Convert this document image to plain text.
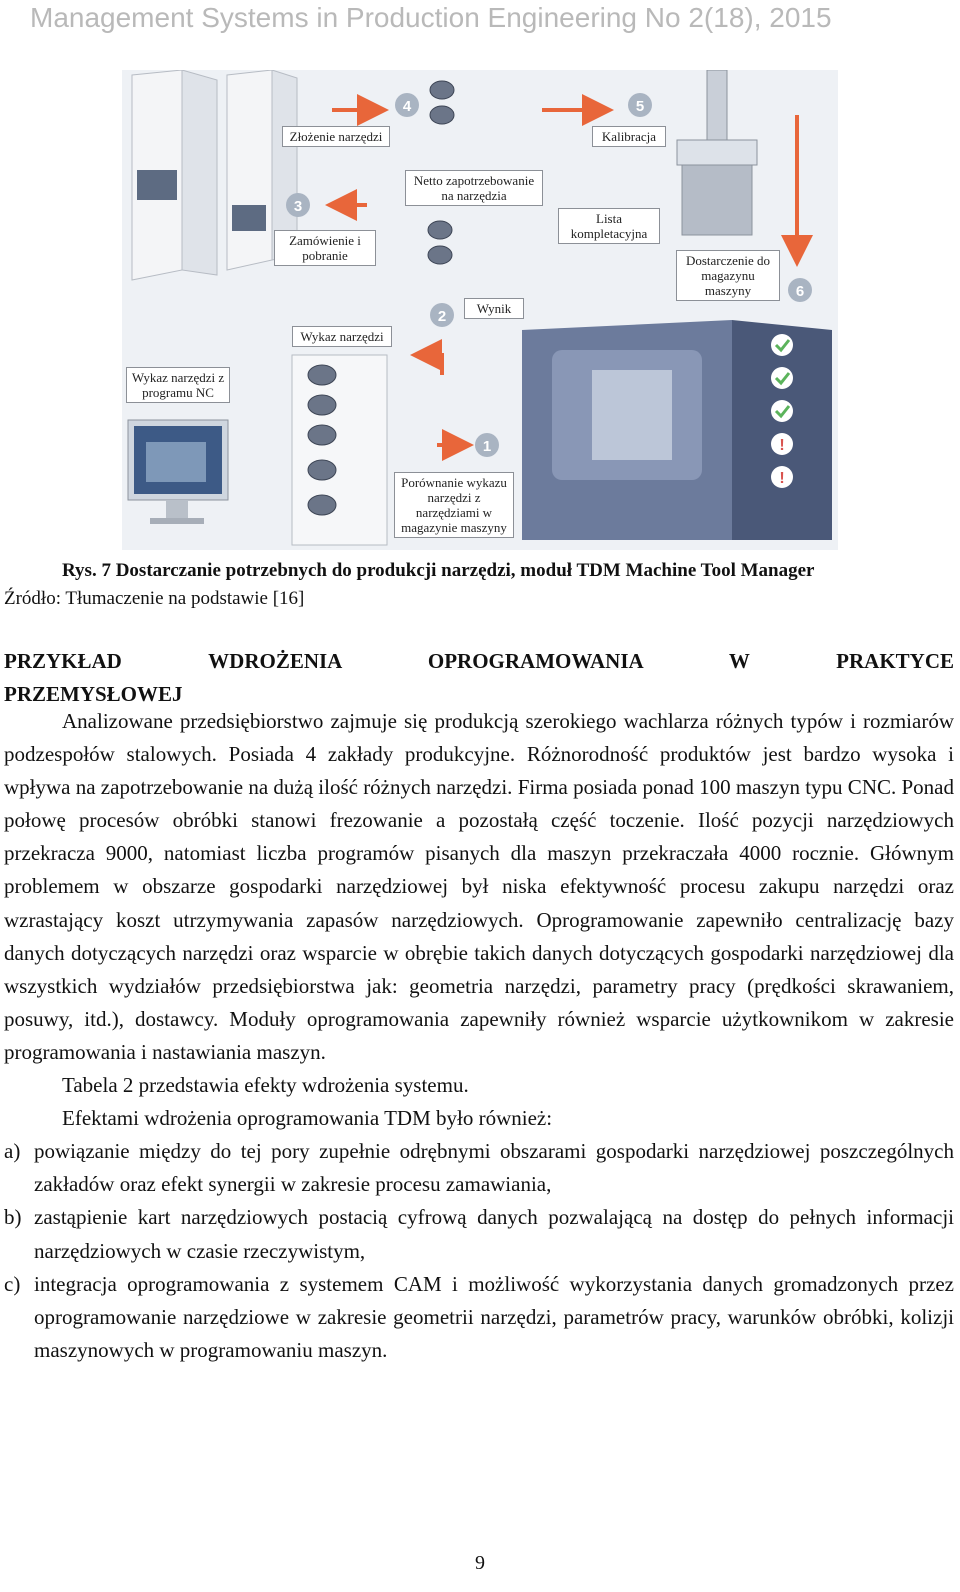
Management Systems in Production Engineering No 2(18), 2015
!
!
1
2
3
4	5
6
Złożenie narzędzi
Netto zapotrzebowanie na narzędzia
Kalibracja
Zamówienie i pobranie
Lista kompletacyjna
Dostarczenie do magazynu maszyny
Wynik
Wykaz narzędzi
Wykaz narzędzi z programu NC
Porównanie wykazu narzędzi z narzędziami w magazynie maszyny
Rys. 7 Dostarczanie potrzebnych do produkcji narzędzi, moduł TDM Machine Tool Manager
Źródło: Tłumaczenie na podstawie [16]
PRZYKŁAD WDROŻENIA OPROGRAMOWANIA W PRAKTYCE
PRZEMYSŁOWEJ
Analizowane przedsiębiorstwo zajmuje się produkcją szerokiego wachlarza różnych typów i rozmiarów podzespołów stalowych. Posiada 4 zakłady produkcyjne. Różnorodność produktów jest bardzo wysoka i wpływa na zapotrzebowanie na dużą ilość różnych narzędzi. Firma posiada ponad 100 maszyn typu CNC. Ponad połowę procesów obróbki stanowi frezowanie a pozostałą część toczenie. Ilość pozycji narzędziowych przekracza 9000, natomiast liczba programów pisanych dla maszyn przekraczała 4000 rocznie. Głównym problemem w obszarze gospodarki narzędziowej był niska efektywność procesu zakupu narzędzi oraz wzrastający koszt utrzymywania zapasów narzędziowych. Oprogramowanie zapewniło centralizację bazy danych dotyczących narzędzi oraz wsparcie w obrębie takich danych dotyczących gospodarki narzędziowej dla wszystkich wydziałów przedsiębiorstwa jak: geometria narzędzi, parametry pracy (prędkości skrawaniem, posuwy, itd.), dostawcy. Moduły oprogramowania zapewniły również wsparcie użytkownikom w zakresie programowania i nastawiania maszyn.
Tabela 2 przedstawia efekty wdrożenia systemu.
Efektami wdrożenia oprogramowania TDM było również:
a) powiązanie między do tej pory zupełnie odrębnymi obszarami gospodarki narzędziowej poszczególnych zakładów oraz efekt synergii w zakresie procesu zamawiania,
b) zastąpienie kart narzędziowych postacią cyfrową danych pozwalającą na dostęp do pełnych informacji narzędziowych w czasie rzeczywistym,
c) integracja oprogramowania z systemem CAM i możliwość wykorzystania danych gromadzonych przez oprogramowanie narzędziowe w zakresie geometrii narzędzi, parametrów pracy, warunków obróbki, kolizji maszynowych w programowaniu maszyn.
9
